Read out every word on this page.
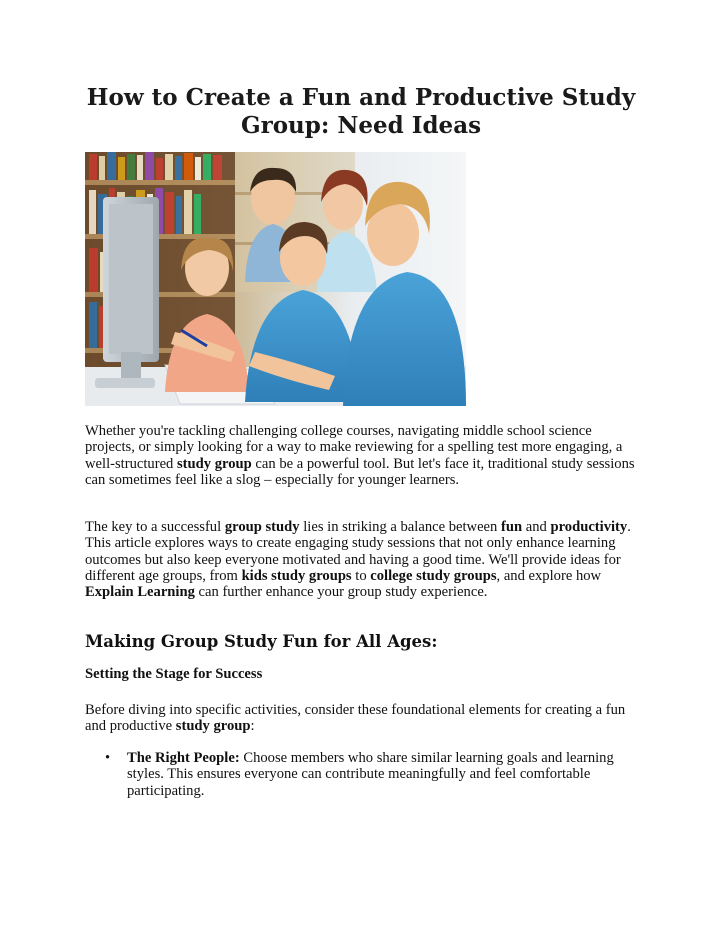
How to Create a Fun and Productive Study Group: Need Ideas

Whether you're tackling challenging college courses, navigating middle school science projects, or simply looking for a way to make reviewing for a spelling test more engaging, a well-structured study group can be a powerful tool. But let's face it, traditional study sessions can sometimes feel like a slog – especially for younger learners.

The key to a successful group study lies in striking a balance between fun and productivity. This article explores ways to create engaging study sessions that not only enhance learning outcomes but also keep everyone motivated and having a good time. We'll provide ideas for different age groups, from kids study groups to college study groups, and explore how Explain Learning can further enhance your group study experience.

Making Group Study Fun for All Ages:
Setting the Stage for Success

Before diving into specific activities, consider these foundational elements for creating a fun and productive study group:

• The Right People: Choose members who share similar learning goals and learning styles. This ensures everyone can contribute meaningfully and feel comfortable participating.
